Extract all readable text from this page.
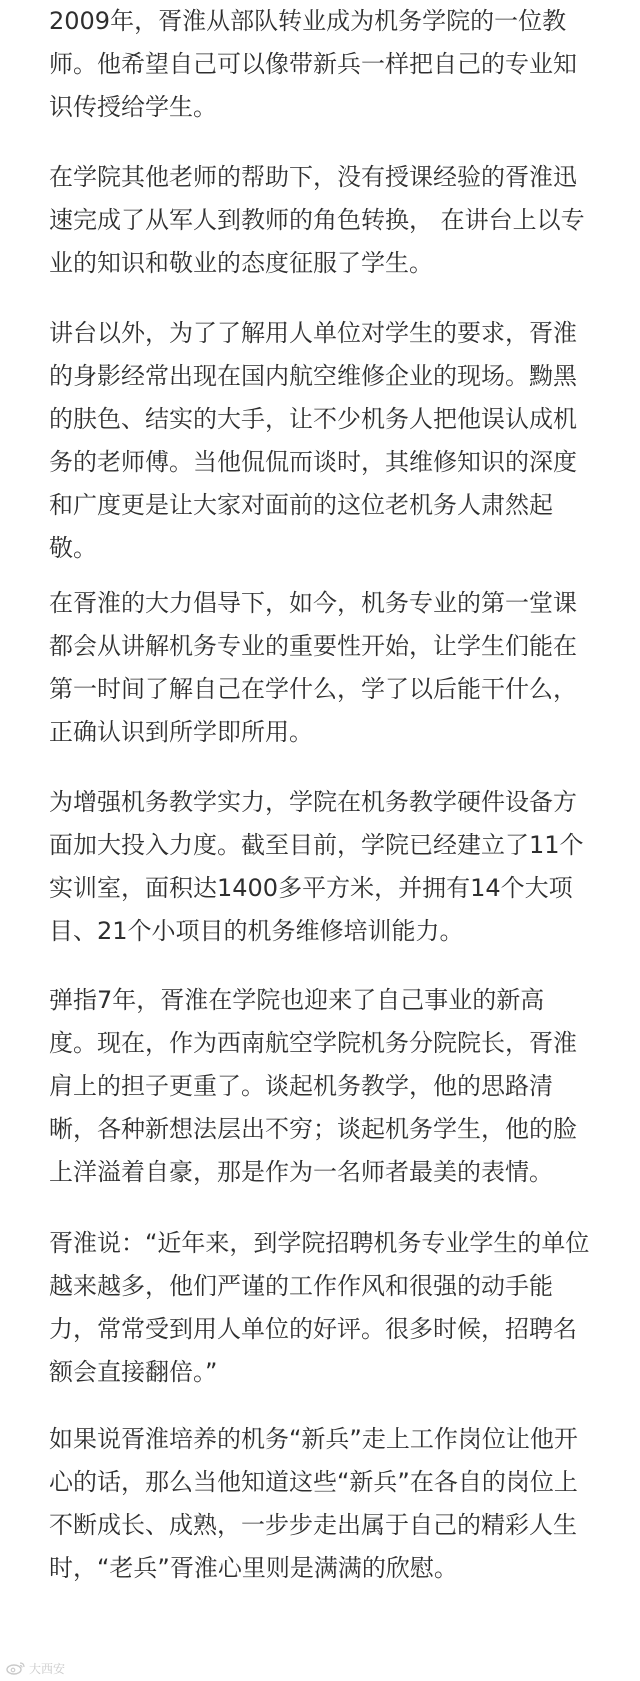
2009年，胥淮从部队转业成为机务学院的一位教
师。他希望自己可以像带新兵一样把自己的专业知
识传授给学生。
在学院其他老师的帮助下，没有授课经验的胥淮迅
速完成了从军人到教师的角色转换， 在讲台上以专
业的知识和敬业的态度征服了学生。
讲台以外，为了了解用人单位对学生的要求，胥淮
的身影经常出现在国内航空维修企业的现场。黝黑
的肤色、结实的大手，让不少机务人把他误认成机
务的老师傅。当他侃侃而谈时，其维修知识的深度
和广度更是让大家对面前的这位老机务人肃然起
敬。
在胥淮的大力倡导下，如今，机务专业的第一堂课
都会从讲解机务专业的重要性开始，让学生们能在
第一时间了解自己在学什么，学了以后能干什么，
正确认识到所学即所用。
为增强机务教学实力，学院在机务教学硬件设备方
面加大投入力度。截至目前，学院已经建立了11个
实训室，面积达1400多平方米，并拥有14个大项
目、21个小项目的机务维修培训能力。
弹指7年，胥淮在学院也迎来了自己事业的新高
度。现在，作为西南航空学院机务分院院长，胥淮
肩上的担子更重了。谈起机务教学，他的思路清
晰，各种新想法层出不穷；谈起机务学生，他的脸
上洋溢着自豪，那是作为一名师者最美的表情。
胥淮说：“近年来，到学院招聘机务专业学生的单位
越来越多，他们严谨的工作作风和很强的动手能
力，常常受到用人单位的好评。很多时候，招聘名
额会直接翻倍。”
如果说胥淮培养的机务“新兵”走上工作岗位让他开
心的话，那么当他知道这些“新兵”在各自的岗位上
不断成长、成熟，一步步走出属于自己的精彩人生
时，“老兵”胥淮心里则是满满的欣慰。
大西安
